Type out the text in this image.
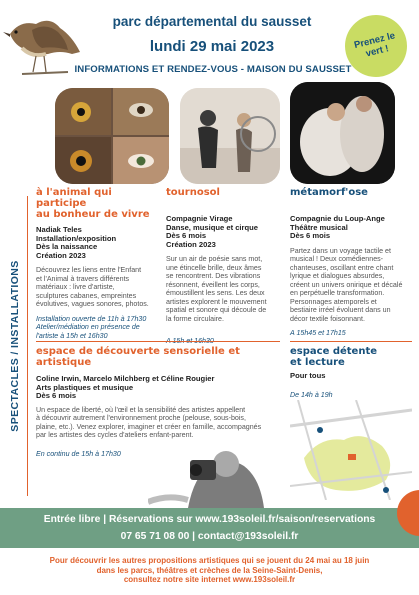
parc départemental du sausset
lundi 29 mai 2023
INFORMATIONS ET RENDEZ-VOUS - MAISON DU SAUSSET
Prenez le vert !
SPECTACLES / INSTALLATIONS
à l'animal qui participe
au bonheur de vivre
Nadiak Teles
Installation/exposition
Dès la naissance
Création 2023
Découvrez les liens entre l'Enfant
et l'Animal à travers différents
matériaux : livre d'artiste,
sculptures cabanes, empreintes
évolutives, vagues sonores, photos.
Installation ouverte de 11h à 17h30
Atelier/médiation en présence de
l'artiste à 15h et 16h30
tournosol
Compagnie Virage
Danse, musique et cirque
Dès 6 mois
Création 2023
Sur un air de poésie sans mot,
une étincelle brille, deux âmes
se rencontrent. Des vibrations
résonnent, éveillent les corps,
émoustillent les sens. Les deux
artistes explorent le mouvement
spatial et sonore qui découle de
la forme circulaire.
métamorf'ose
Compagnie du Loup-Ange
Théâtre musical
Dès 6 mois
Partez dans un voyage tactile et
musical ! Deux comédiennes-
chanteuses, oscillant entre chant
lyrique et dialogues absurdes,
créent un univers onirique et décalé
en perpétuelle transformation.
Personnages atemporels et
bestiaire irréel évoluent dans un
décor textile foisonnant.
A 15h45 et 17h15
espace de découverte sensorielle et artistique
Coline Irwin, Marcelo Milchberg et Céline Rougier
Arts plastiques et musique
Dès 6 mois
Un espace de liberté, où l'œil et la sensibilité des artistes appellent
à découvrir autrement l'environnement proche (pelouse, sous-bois,
plaine, etc.). Venez explorer, imaginer et créer en famille, accompagnés
par les artistes des cycles d'ateliers enfant-parent.
En continu de 15h à 17h30
espace détente
et lecture
Pour tous
De 14h à 19h
Entrée libre | Réservations sur www.193soleil.fr/saison/reservations
07 65 71 08 00 | contact@193soleil.fr
Pour découvrir les autres propositions artistiques qui se jouent du 24 mai au 18 juin
dans les parcs, théâtres et crèches de la Seine-Saint-Denis,
consultez notre site internet www.193soleil.fr
